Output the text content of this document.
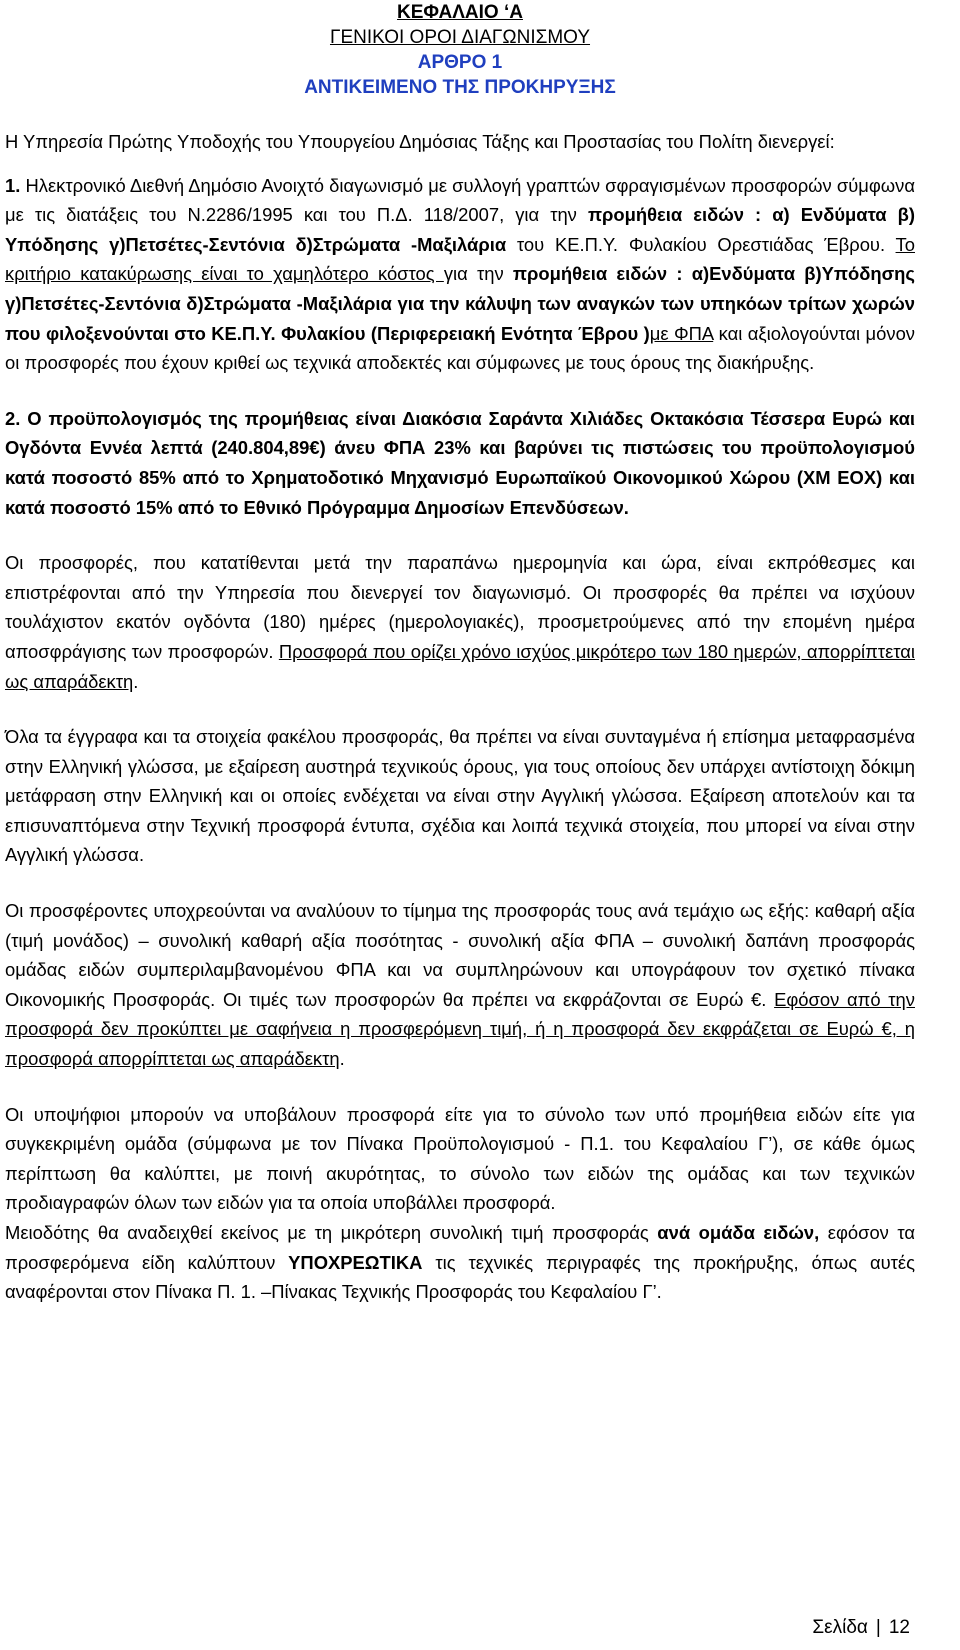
ΚΕΦΑΛΑΙΟ ‘Α
ΓΕΝΙΚΟΙ ΟΡΟΙ ΔΙΑΓΩΝΙΣΜΟΥ
ΑΡΘΡΟ 1
ΑΝΤΙΚΕΙΜΕΝΟ ΤΗΣ ΠΡΟΚΗΡΥΞΗΣ

Η Υπηρεσία Πρώτης Υποδοχής του Υπουργείου Δημόσιας Τάξης και Προστασίας του Πολίτη διενεργεί:

1. Ηλεκτρονικό Διεθνή Δημόσιο Ανοιχτό διαγωνισμό με συλλογή γραπτών σφραγισμένων προσφορών σύμφωνα με τις διατάξεις του Ν.2286/1995 και του Π.Δ. 118/2007, για την προμήθεια ειδών : α) Ενδύματα β) Υπόδησης γ)Πετσέτες-Σεντόνια δ)Στρώματα -Μαξιλάρια του ΚΕ.Π.Υ. Φυλακίου Ορεστιάδας Έβρου. Το κριτήριο κατακύρωσης είναι το χαμηλότερο κόστος για την προμήθεια ειδών : α)Ενδύματα β)Υπόδησης γ)Πετσέτες-Σεντόνια δ)Στρώματα -Μαξιλάρια για την κάλυψη των αναγκών των υπηκόων τρίτων χωρών που φιλοξενούνται στο ΚΕ.Π.Υ. Φυλακίου (Περιφερειακή Ενότητα Έβρου )με ΦΠΑ και αξιολογούνται μόνον οι προσφορές που έχουν κριθεί ως τεχνικά αποδεκτές και σύμφωνες με τους όρους της διακήρυξης.

2. Ο προϋπολογισμός της προμήθειας είναι Διακόσια Σαράντα Χιλιάδες Οκτακόσια Τέσσερα Ευρώ και Ογδόντα Εννέα λεπτά (240.804,89€) άνευ ΦΠΑ 23% και βαρύνει τις πιστώσεις του προϋπολογισμού κατά ποσοστό 85% από το Χρηματοδοτικό Μηχανισμό Ευρωπαϊκού Οικονομικού Χώρου (ΧΜ ΕΟΧ) και κατά ποσοστό 15% από το Εθνικό Πρόγραμμα Δημοσίων Επενδύσεων.

Οι προσφορές, που κατατίθενται μετά την παραπάνω ημερομηνία και ώρα, είναι εκπρόθεσμες και επιστρέφονται από την Υπηρεσία που διενεργεί τον διαγωνισμό. Οι προσφορές θα πρέπει να ισχύουν τουλάχιστον εκατόν ογδόντα (180) ημέρες (ημερολογιακές), προσμετρούμενες από την επομένη ημέρα αποσφράγισης των προσφορών. Προσφορά που ορίζει χρόνο ισχύος μικρότερο των 180 ημερών, απορρίπτεται ως απαράδεκτη.

Όλα τα έγγραφα και τα στοιχεία φακέλου προσφοράς, θα πρέπει να είναι συνταγμένα ή επίσημα μεταφρασμένα στην Ελληνική γλώσσα, με εξαίρεση αυστηρά τεχνικούς όρους, για τους οποίους δεν υπάρχει αντίστοιχη δόκιμη μετάφραση στην Ελληνική και οι οποίες ενδέχεται να είναι στην Αγγλική γλώσσα. Εξαίρεση αποτελούν και τα επισυναπτόμενα στην Τεχνική προσφορά έντυπα, σχέδια και λοιπά τεχνικά στοιχεία, που μπορεί να είναι στην Αγγλική γλώσσα.

Οι προσφέροντες υποχρεούνται να αναλύουν το τίμημα της προσφοράς τους ανά τεμάχιο ως εξής: καθαρή αξία (τιμή μονάδος) – συνολική καθαρή αξία ποσότητας - συνολική αξία ΦΠΑ – συνολική δαπάνη προσφοράς ομάδας ειδών συμπεριλαμβανομένου ΦΠΑ και να συμπληρώνουν και υπογράφουν τον σχετικό πίνακα Οικονομικής Προσφοράς. Οι τιμές των προσφορών θα πρέπει να εκφράζονται σε Ευρώ €. Εφόσον από την προσφορά δεν προκύπτει με σαφήνεια η προσφερόμενη τιμή, ή η προσφορά δεν εκφράζεται σε Ευρώ €, η προσφορά απορρίπτεται ως απαράδεκτη.

Οι υποψήφιοι μπορούν να υποβάλουν προσφορά είτε για το σύνολο των υπό προμήθεια ειδών είτε για συγκεκριμένη ομάδα (σύμφωνα με τον Πίνακα Προϋπολογισμού - Π.1. του Κεφαλαίου Γ’), σε κάθε όμως περίπτωση θα καλύπτει, με ποινή ακυρότητας, το σύνολο των ειδών της ομάδας και των τεχνικών προδιαγραφών όλων των ειδών για τα οποία υποβάλλει προσφορά.

Μειοδότης θα αναδειχθεί εκείνος με τη μικρότερη συνολική τιμή προσφοράς ανά ομάδα ειδών, εφόσον τα προσφερόμενα είδη καλύπτουν ΥΠΟΧΡΕΩΤΙΚΑ τις τεχνικές περιγραφές της προκήρυξης, όπως αυτές αναφέρονται στον Πίνακα Π. 1. –Πίνακας Τεχνικής Προσφοράς του Κεφαλαίου Γ’.

Σελίδα | 12
